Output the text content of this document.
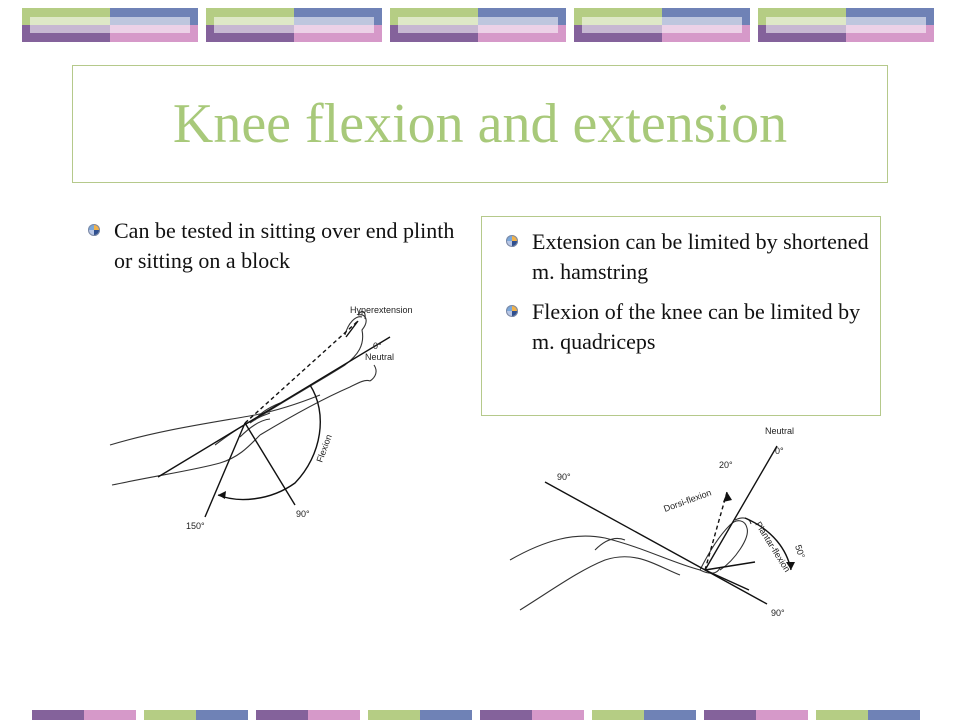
Knee flexion and extension
Can be tested in sitting over end plinth or sitting on a block
Extension can be limited by shortened m. hamstring
Flexion of the knee can be limited by m. quadriceps
Hyperextension
0°
Neutral
Flexion
90°
150°
Neutral
0°
20°
90°
Dorsi-flexion
Plantar-flexion 50°
90°
